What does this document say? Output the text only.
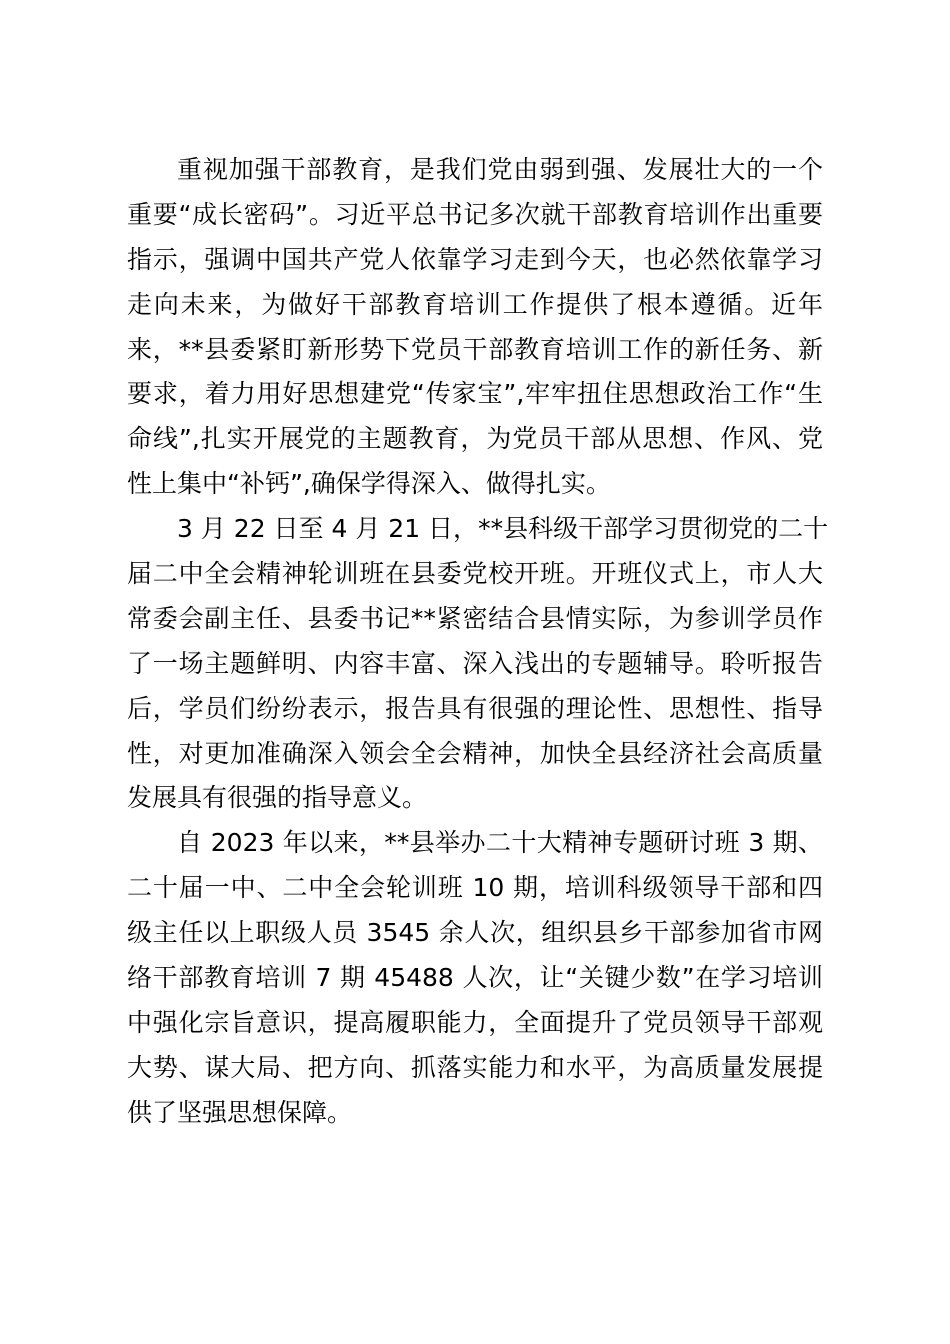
重视加强干部教育，是我们党由弱到强、发展壮大的一个
重要“成长密码”。习近平总书记多次就干部教育培训作出重要
指示，强调中国共产党人依靠学习走到今天，也必然依靠学习
走向未来，为做好干部教育培训工作提供了根本遵循。近年
来，**县委紧盯新形势下党员干部教育培训工作的新任务、新
要求，着力用好思想建党“传家宝”,牢牢扭住思想政治工作“生
命线”,扎实开展党的主题教育，为党员干部从思想、作风、党
性上集中“补钙”,确保学得深入、做得扎实。
3 月 22 日至 4 月 21 日，**县科级干部学习贯彻党的二十
届二中全会精神轮训班在县委党校开班。开班仪式上，市人大
常委会副主任、县委书记**紧密结合县情实际，为参训学员作
了一场主题鲜明、内容丰富、深入浅出的专题辅导。聆听报告
后，学员们纷纷表示，报告具有很强的理论性、思想性、指导
性，对更加准确深入领会全会精神，加快全县经济社会高质量
发展具有很强的指导意义。
自 2023 年以来，**县举办二十大精神专题研讨班 3 期、
二十届一中、二中全会轮训班 10 期，培训科级领导干部和四
级主任以上职级人员 3545 余人次，组织县乡干部参加省市网
络干部教育培训 7 期 45488 人次，让“关键少数”在学习培训
中强化宗旨意识，提高履职能力，全面提升了党员领导干部观
大势、谋大局、把方向、抓落实能力和水平，为高质量发展提
供了坚强思想保障。
